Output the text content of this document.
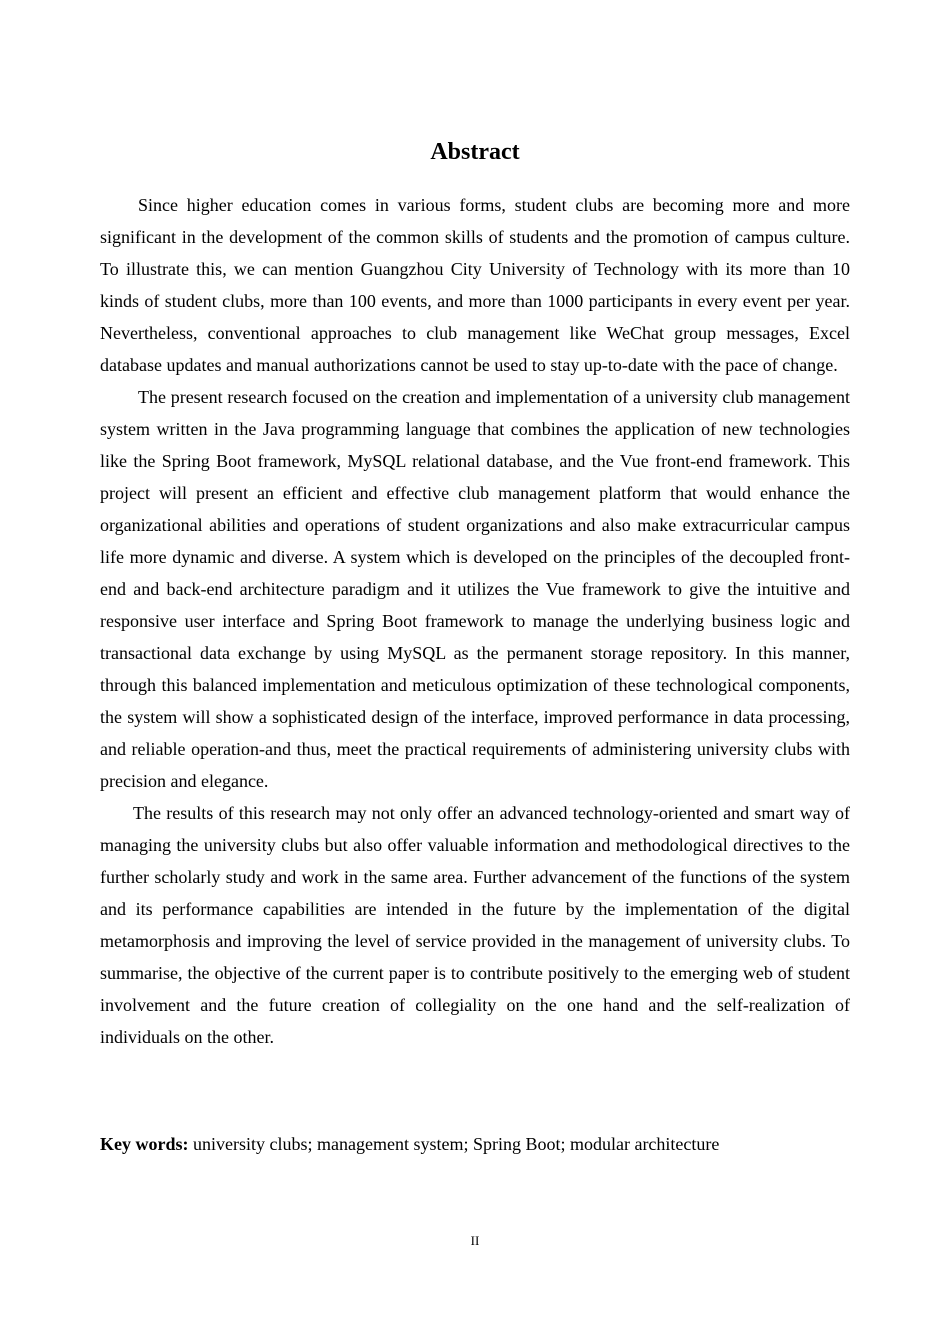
Abstract

Since higher education comes in various forms, student clubs are becoming more and more significant in the development of the common skills of students and the promotion of campus culture. To illustrate this, we can mention Guangzhou City University of Technology with its more than 10 kinds of student clubs, more than 100 events, and more than 1000 participants in every event per year. Nevertheless, conventional approaches to club management like WeChat group messages, Excel database updates and manual authorizations cannot be used to stay up-to-date with the pace of change.

The present research focused on the creation and implementation of a university club management system written in the Java programming language that combines the application of new technologies like the Spring Boot framework, MySQL relational database, and the Vue front-end framework. This project will present an efficient and effective club management platform that would enhance the organizational abilities and operations of student organizations and also make extracurricular campus life more dynamic and diverse. A system which is developed on the principles of the decoupled front-end and back-end architecture paradigm and it utilizes the Vue framework to give the intuitive and responsive user interface and Spring Boot framework to manage the underlying business logic and transactional data exchange by using MySQL as the permanent storage repository. In this manner, through this balanced implementation and meticulous optimization of these technological components, the system will show a sophisticated design of the interface, improved performance in data processing, and reliable operation-and thus, meet the practical requirements of administering university clubs with precision and elegance.

The results of this research may not only offer an advanced technology-oriented and smart way of managing the university clubs but also offer valuable information and methodological directives to the further scholarly study and work in the same area. Further advancement of the functions of the system and its performance capabilities are intended in the future by the implementation of the digital metamorphosis and improving the level of service provided in the management of university clubs. To summarise, the objective of the current paper is to contribute positively to the emerging web of student involvement and the future creation of collegiality on the one hand and the self-realization of individuals on the other.

Key words: university clubs; management system; Spring Boot; modular architecture

II
